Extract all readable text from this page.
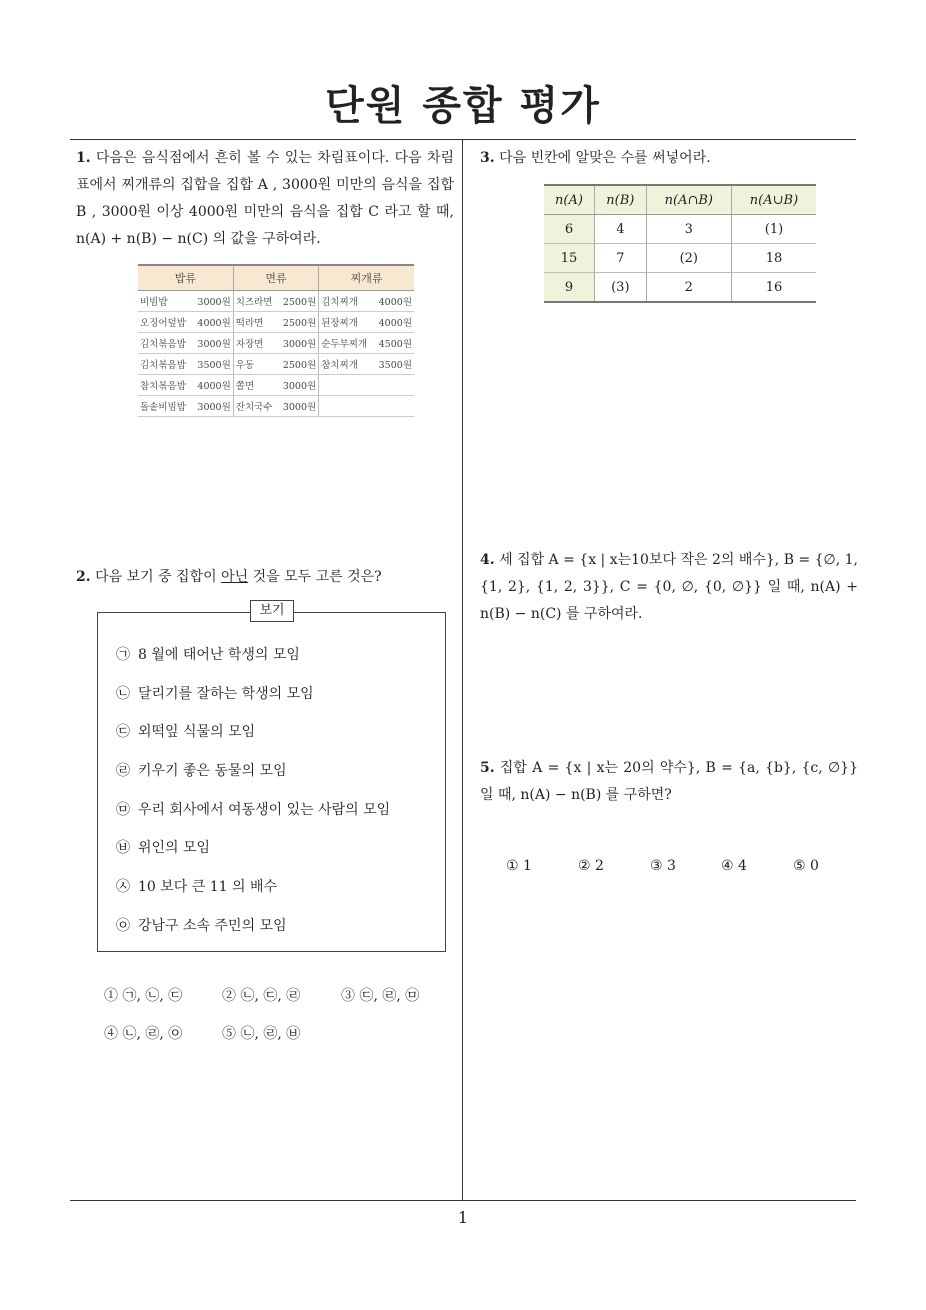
단원 종합 평가
1. 다음은 음식점에서 흔히 볼 수 있는 차림표이다. 다음 차림표에서 찌개류의 집합을 집합 A , 3000원 미만의 음식을 집합 B , 3000원 이상 4000원 미만의 음식을 집합 C 라고 할 때, n(A) + n(B) − n(C) 의 값을 구하여라.
밥류	면류	찌개류
비빔밥 3000원	치즈라면 2500원	김치찌개 4000원

오징어덮밥 4000원	떡라면 2500원	된장찌개 4000원

김치볶음밥 3000원	자장면 3000원	순두부찌개 4500원

김치볶음밥 3500원	우동 2500원	참치찌개 3500원

참치볶음밥 4000원	쫄면 3000원	

돌솥비빔밥 3000원	잔치국수 3000원	

2. 다음 보기 중 집합이 아닌 것을 모두 고른 것은?
보기
㉠ 8 월에 태어난 학생의 모임
㉡ 달리기를 잘하는 학생의 모임
㉢ 외떡잎 식물의 모임
㉣ 키우기 좋은 동물의 모임
㉤ 우리 회사에서 여동생이 있는 사람의 모임
㉥ 위인의 모임
㉦ 10 보다 큰 11 의 배수
㉧ 강남구 소속 주민의 모임
① ㉠, ㉡, ㉢	② ㉡, ㉢, ㉣	③ ㉢, ㉣, ㉤
④ ㉡, ㉣, ㉧	⑤ ㉡, ㉣, ㉥
3. 다음 빈칸에 알맞은 수를 써넣어라.
n(A)	n(B)	n(A∩B)	n(A∪B)
6	4	3	(1)
15	7	(2)	18
9	(3)	2	16
4. 세 집합 A = {x | x는10보다 작은 2의 배수}, B = {∅, 1, {1, 2}, {1, 2, 3}}, C = {0, ∅, {0, ∅}} 일 때, n(A) + n(B) − n(C) 를 구하여라.
5. 집합 A = {x | x는 20의 약수}, B = {a, {b}, {c, ∅}} 일 때, n(A) − n(B) 를 구하면?
① 1	② 2	③ 3	④ 4	⑤ 0
1
